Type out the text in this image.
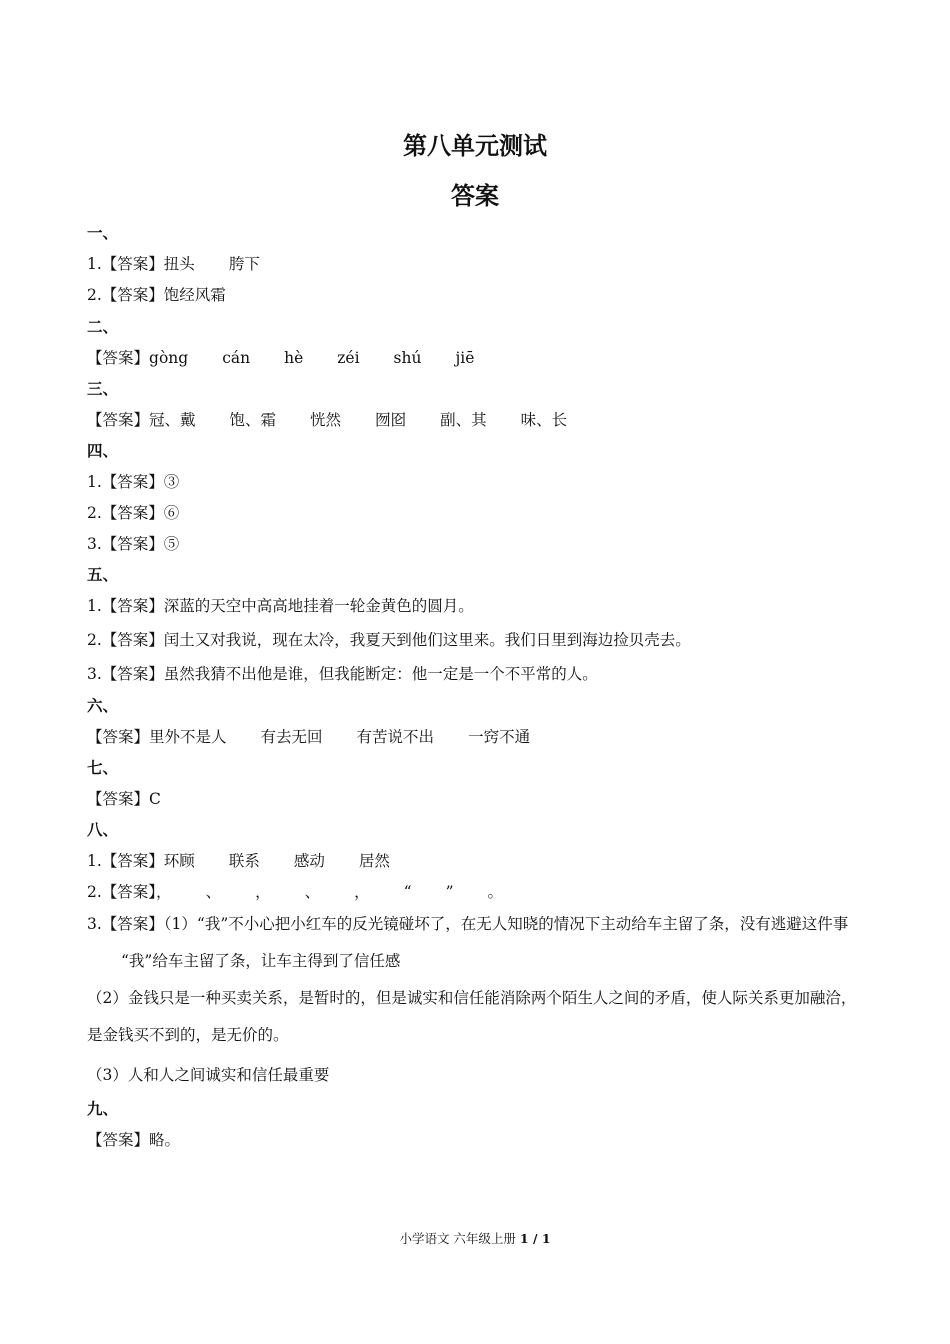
第八单元测试
答案
一、
1.【答案】扭头 胯下
2.【答案】饱经风霜
二、
【答案】gòng cán hè zéi shú jiē
三、
【答案】冠、戴 饱、霜 恍然 囫囵 副、其 味、长
四、
1.【答案】③
2.【答案】⑥
3.【答案】⑤
五、
1.【答案】深蓝的天空中高高地挂着一轮金黄色的圆月。
2.【答案】闰土又对我说，现在太冷，我夏天到他们这里来。我们日里到海边捡贝壳去。
3.【答案】虽然我猜不出他是谁，但我能断定：他一定是一个不平常的人。
六、
【答案】里外不是人 有去无回 有苦说不出 一窍不通
七、
【答案】C
八、
1.【答案】环顾 联系 感动 居然
2.【答案】， 、 ， 、 ， “ ” 。
3.【答案】（1）“我”不小心把小红车的反光镜碰坏了，在无人知晓的情况下主动给车主留了条，没有逃避这件事“我”给车主留了条，让车主得到了信任感
（2）金钱只是一种买卖关系，是暂时的，但是诚实和信任能消除两个陌生人之间的矛盾，使人际关系更加融洽，是金钱买不到的，是无价的。
（3）人和人之间诚实和信任最重要
九、
【答案】略。
小学语文 六年级上册 1 / 1
